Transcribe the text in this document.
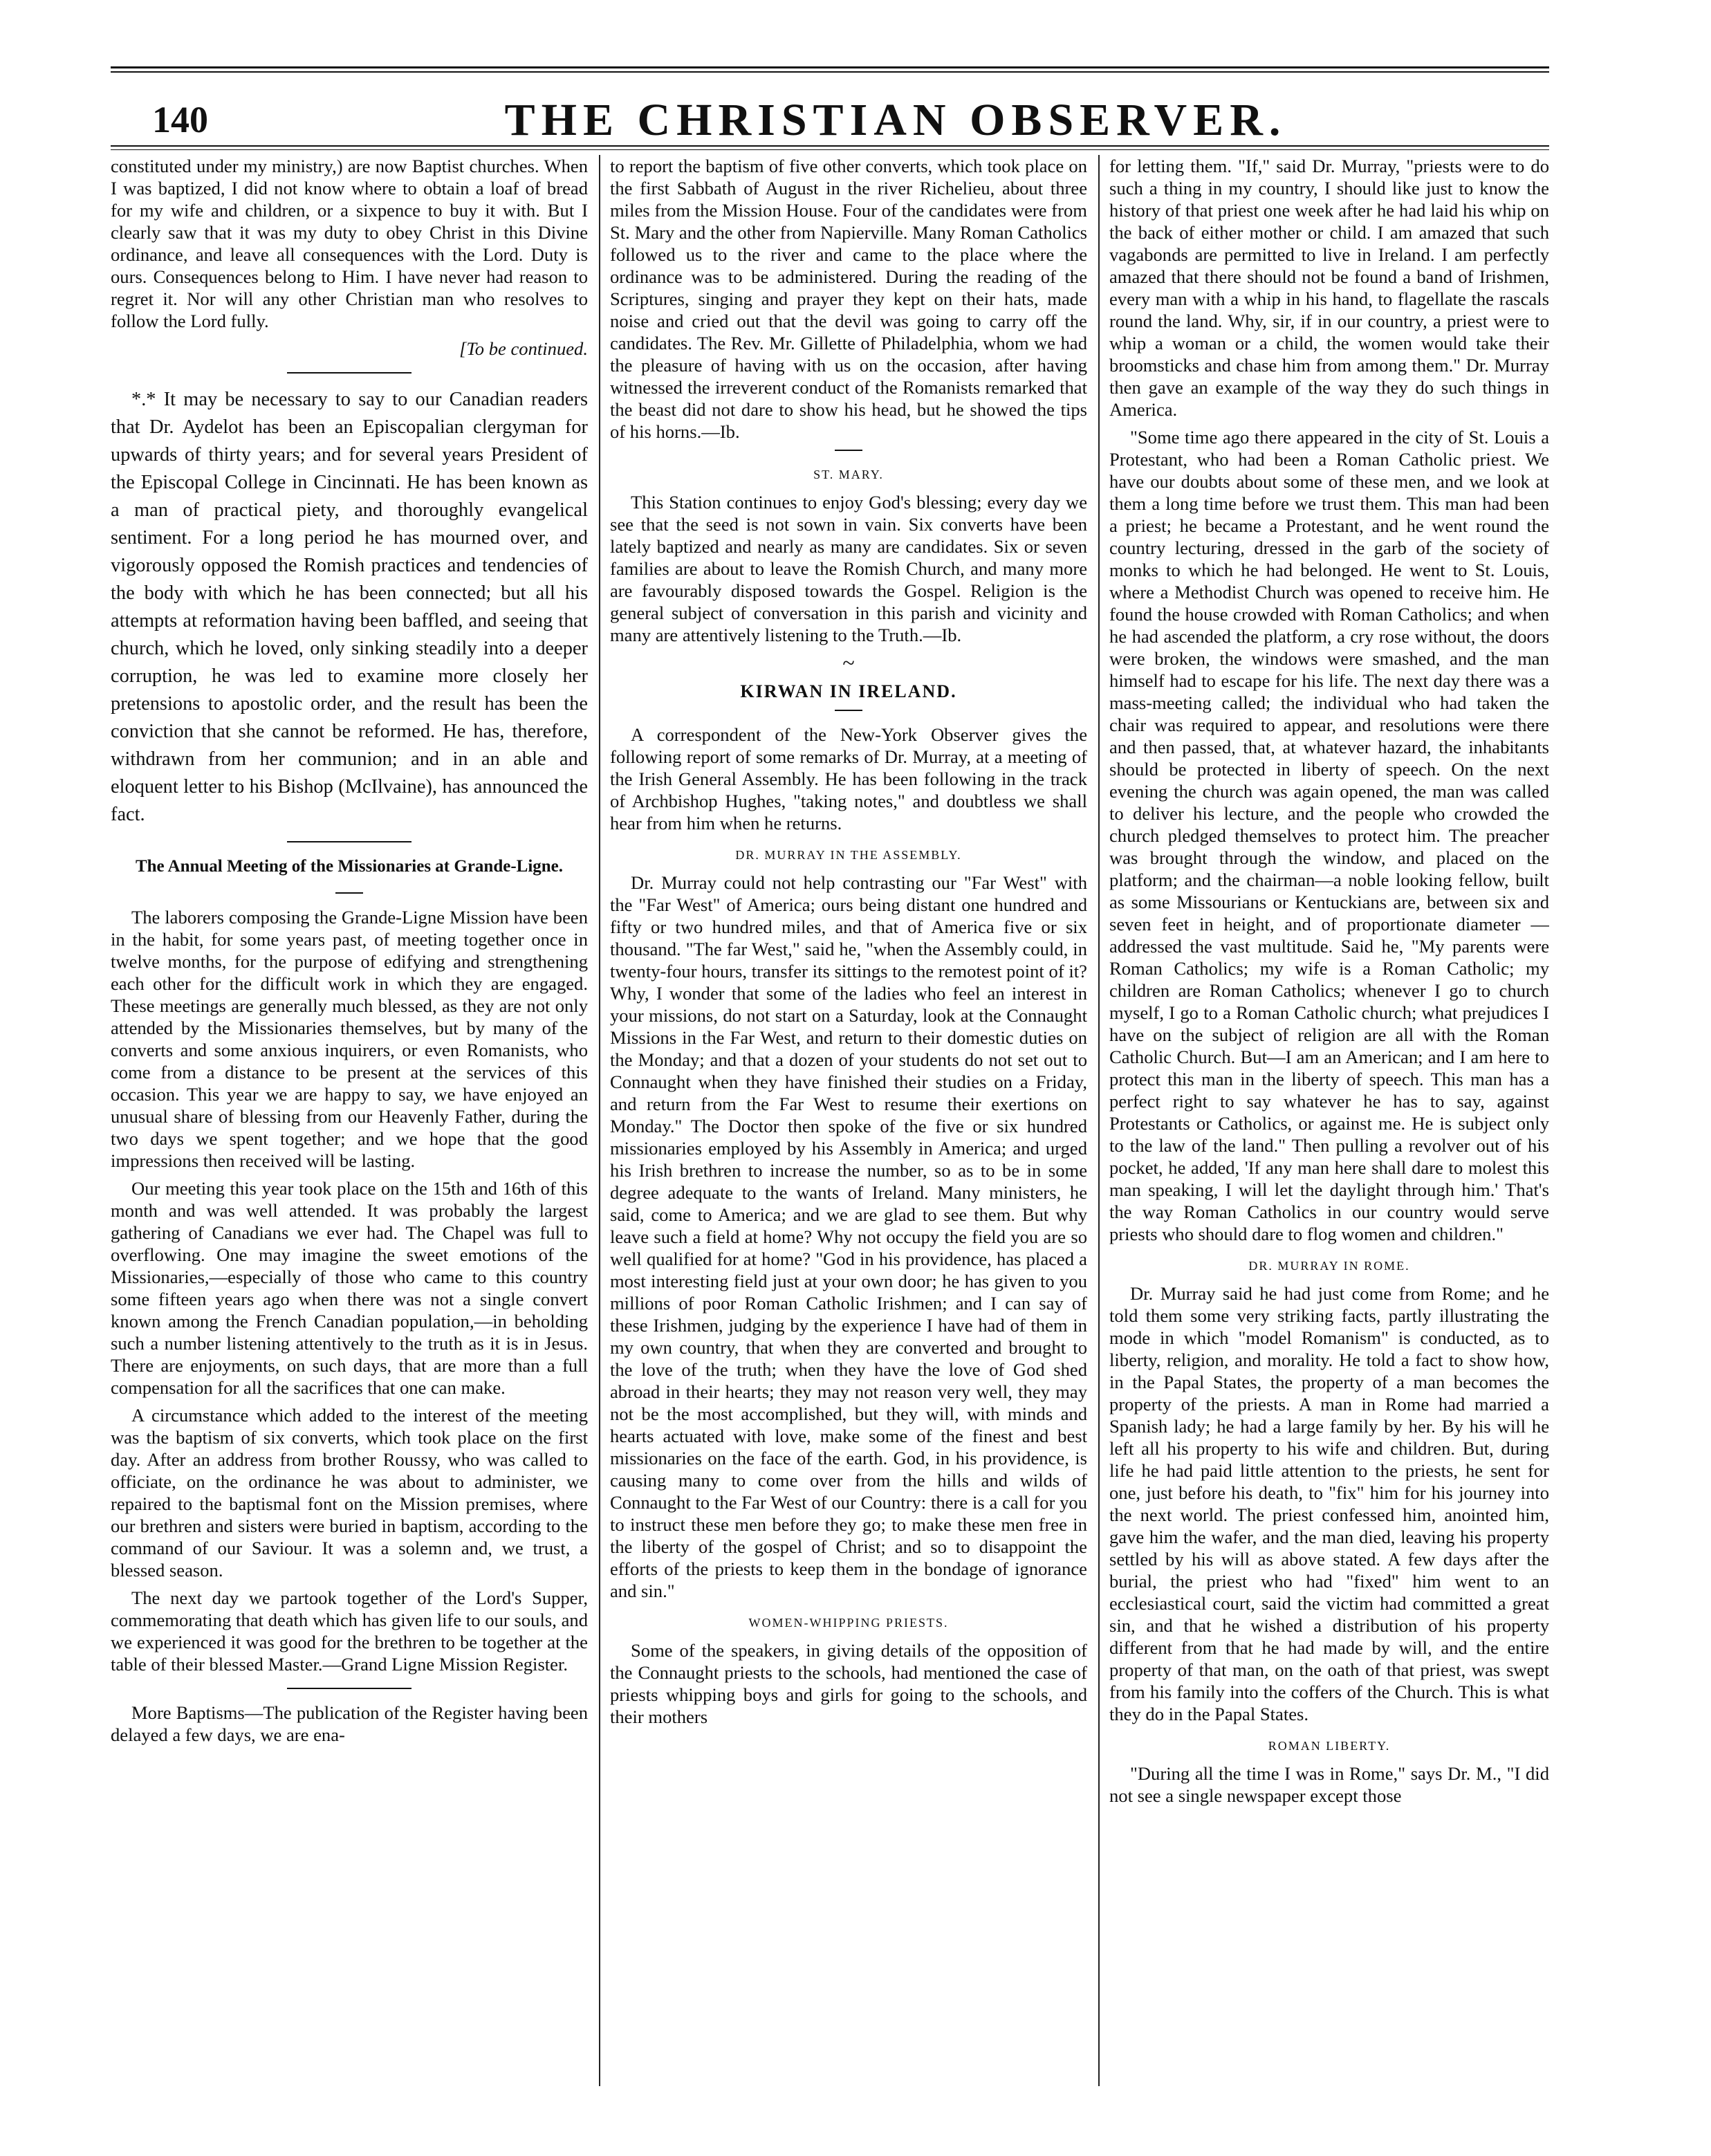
140	THE CHRISTIAN OBSERVER.

constituted under my ministry,) are now Baptist churches. When I was baptized, I did not know where to obtain a loaf of bread for my wife and children, or a sixpence to buy it with. But I clearly saw that it was my duty to obey Christ in this Divine ordinance, and leave all consequences with the Lord. Duty is ours. Consequences belong to Him. I have never had reason to regret it. Nor will any other Christian man who resolves to follow the Lord fully.

[To be continued.

*.* It may be necessary to say to our Canadian readers that Dr. Aydelot has been an Episcopalian clergyman for upwards of thirty years; and for several years President of the Episcopal College in Cincinnati. He has been known as a man of practical piety, and thoroughly evangelical sentiment. For a long period he has mourned over, and vigorously opposed the Romish practices and tendencies of the body with which he has been connected; but all his attempts at reformation having been baffled, and seeing that church, which he loved, only sinking steadily into a deeper corruption, he was led to examine more closely her pretensions to apostolic order, and the result has been the conviction that she cannot be reformed. He has, therefore, withdrawn from her communion; and in an able and eloquent letter to his Bishop (McIlvaine), has announced the fact.

The Annual Meeting of the Missionaries at Grande-Ligne.

The laborers composing the Grande-Ligne Mission have been in the habit, for some years past, of meeting together once in twelve months, for the purpose of edifying and strengthening each other for the difficult work in which they are engaged. These meetings are generally much blessed, as they are not only attended by the Missionaries themselves, but by many of the converts and some anxious inquirers, or even Romanists, who come from a distance to be present at the services of this occasion. This year we are happy to say, we have enjoyed an unusual share of blessing from our Heavenly Father, during the two days we spent together; and we hope that the good impressions then received will be lasting.

Our meeting this year took place on the 15th and 16th of this month and was well attended. It was probably the largest gathering of Canadians we ever had. The Chapel was full to overflowing. One may imagine the sweet emotions of the Missionaries,—especially of those who came to this country some fifteen years ago when there was not a single convert known among the French Canadian population,—in beholding such a number listening attentively to the truth as it is in Jesus. There are enjoyments, on such days, that are more than a full compensation for all the sacrifices that one can make.

A circumstance which added to the interest of the meeting was the baptism of six converts, which took place on the first day. After an address from brother Roussy, who was called to officiate, on the ordinance he was about to administer, we repaired to the baptismal font on the Mission premises, where our brethren and sisters were buried in baptism, according to the command of our Saviour. It was a solemn and, we trust, a blessed season.

The next day we partook together of the Lord's Supper, commemorating that death which has given life to our souls, and we experienced it was good for the brethren to be together at the table of their blessed Master.—Grand Ligne Mission Register.

More Baptisms—The publication of the Register having been delayed a few days, we are ena-

to report the baptism of five other converts, which took place on the first Sabbath of August in the river Richelieu, about three miles from the Mission House. Four of the candidates were from St. Mary and the other from Napierville. Many Roman Catholics followed us to the river and came to the place where the ordinance was to be administered. During the reading of the Scriptures, singing and prayer they kept on their hats, made noise and cried out that the devil was going to carry off the candidates. The Rev. Mr. Gillette of Philadelphia, whom we had the pleasure of having with us on the occasion, after having witnessed the irreverent conduct of the Romanists remarked that the beast did not dare to show his head, but he showed the tips of his horns.—Ib.

ST. MARY.

This Station continues to enjoy God's blessing; every day we see that the seed is not sown in vain. Six converts have been lately baptized and nearly as many are candidates. Six or seven families are about to leave the Romish Church, and many more are favourably disposed towards the Gospel. Religion is the general subject of conversation in this parish and vicinity and many are attentively listening to the Truth.—Ib.

~
KIRWAN IN IRELAND.

A correspondent of the New-York Observer gives the following report of some remarks of Dr. Murray, at a meeting of the Irish General Assembly. He has been following in the track of Archbishop Hughes, "taking notes," and doubtless we shall hear from him when he returns.

DR. MURRAY IN THE ASSEMBLY.

Dr. Murray could not help contrasting our "Far West" with the "Far West" of America; ours being distant one hundred and fifty or two hundred miles, and that of America five or six thousand. "The far West," said he, "when the Assembly could, in twenty-four hours, transfer its sittings to the remotest point of it? Why, I wonder that some of the ladies who feel an interest in your missions, do not start on a Saturday, look at the Connaught Missions in the Far West, and return to their domestic duties on the Monday; and that a dozen of your students do not set out to Connaught when they have finished their studies on a Friday, and return from the Far West to resume their exertions on Monday." The Doctor then spoke of the five or six hundred missionaries employed by his Assembly in America; and urged his Irish brethren to increase the number, so as to be in some degree adequate to the wants of Ireland. Many ministers, he said, come to America; and we are glad to see them. But why leave such a field at home? Why not occupy the field you are so well qualified for at home? "God in his providence, has placed a most interesting field just at your own door; he has given to you millions of poor Roman Catholic Irishmen; and I can say of these Irishmen, judging by the experience I have had of them in my own country, that when they are converted and brought to the love of the truth; when they have the love of God shed abroad in their hearts; they may not reason very well, they may not be the most accomplished, but they will, with minds and hearts actuated with love, make some of the finest and best missionaries on the face of the earth. God, in his providence, is causing many to come over from the hills and wilds of Connaught to the Far West of our Country: there is a call for you to instruct these men before they go; to make these men free in the liberty of the gospel of Christ; and so to disappoint the efforts of the priests to keep them in the bondage of ignorance and sin."

WOMEN-WHIPPING PRIESTS.

Some of the speakers, in giving details of the opposition of the Connaught priests to the schools, had mentioned the case of priests whipping boys and girls for going to the schools, and their mothers

for letting them. "If," said Dr. Murray, "priests were to do such a thing in my country, I should like just to know the history of that priest one week after he had laid his whip on the back of either mother or child. I am amazed that such vagabonds are permitted to live in Ireland. I am perfectly amazed that there should not be found a band of Irishmen, every man with a whip in his hand, to flagellate the rascals round the land. Why, sir, if in our country, a priest were to whip a woman or a child, the women would take their broomsticks and chase him from among them." Dr. Murray then gave an example of the way they do such things in America.

"Some time ago there appeared in the city of St. Louis a Protestant, who had been a Roman Catholic priest. We have our doubts about some of these men, and we look at them a long time before we trust them. This man had been a priest; he became a Protestant, and he went round the country lecturing, dressed in the garb of the society of monks to which he had belonged. He went to St. Louis, where a Methodist Church was opened to receive him. He found the house crowded with Roman Catholics; and when he had ascended the platform, a cry rose without, the doors were broken, the windows were smashed, and the man himself had to escape for his life. The next day there was a mass-meeting called; the individual who had taken the chair was required to appear, and resolutions were there and then passed, that, at whatever hazard, the inhabitants should be protected in liberty of speech. On the next evening the church was again opened, the man was called to deliver his lecture, and the people who crowded the church pledged themselves to protect him. The preacher was brought through the window, and placed on the platform; and the chairman—a noble looking fellow, built as some Missourians or Kentuckians are, between six and seven feet in height, and of proportionate diameter —addressed the vast multitude. Said he, "My parents were Roman Catholics; my wife is a Roman Catholic; my children are Roman Catholics; whenever I go to church myself, I go to a Roman Catholic church; what prejudices I have on the subject of religion are all with the Roman Catholic Church. But—I am an American; and I am here to protect this man in the liberty of speech. This man has a perfect right to say whatever he has to say, against Protestants or Catholics, or against me. He is subject only to the law of the land." Then pulling a revolver out of his pocket, he added, 'If any man here shall dare to molest this man speaking, I will let the daylight through him.' That's the way Roman Catholics in our country would serve priests who should dare to flog women and children."

DR. MURRAY IN ROME.

Dr. Murray said he had just come from Rome; and he told them some very striking facts, partly illustrating the mode in which "model Romanism" is conducted, as to liberty, religion, and morality. He told a fact to show how, in the Papal States, the property of a man becomes the property of the priests. A man in Rome had married a Spanish lady; he had a large family by her. By his will he left all his property to his wife and children. But, during life he had paid little attention to the priests, he sent for one, just before his death, to "fix" him for his journey into the next world. The priest confessed him, anointed him, gave him the wafer, and the man died, leaving his property settled by his will as above stated. A few days after the burial, the priest who had "fixed" him went to an ecclesiastical court, said the victim had committed a great sin, and that he wished a distribution of his property different from that he had made by will, and the entire property of that man, on the oath of that priest, was swept from his family into the coffers of the Church. This is what they do in the Papal States.

ROMAN LIBERTY.

"During all the time I was in Rome," says Dr. M., "I did not see a single newspaper except those
